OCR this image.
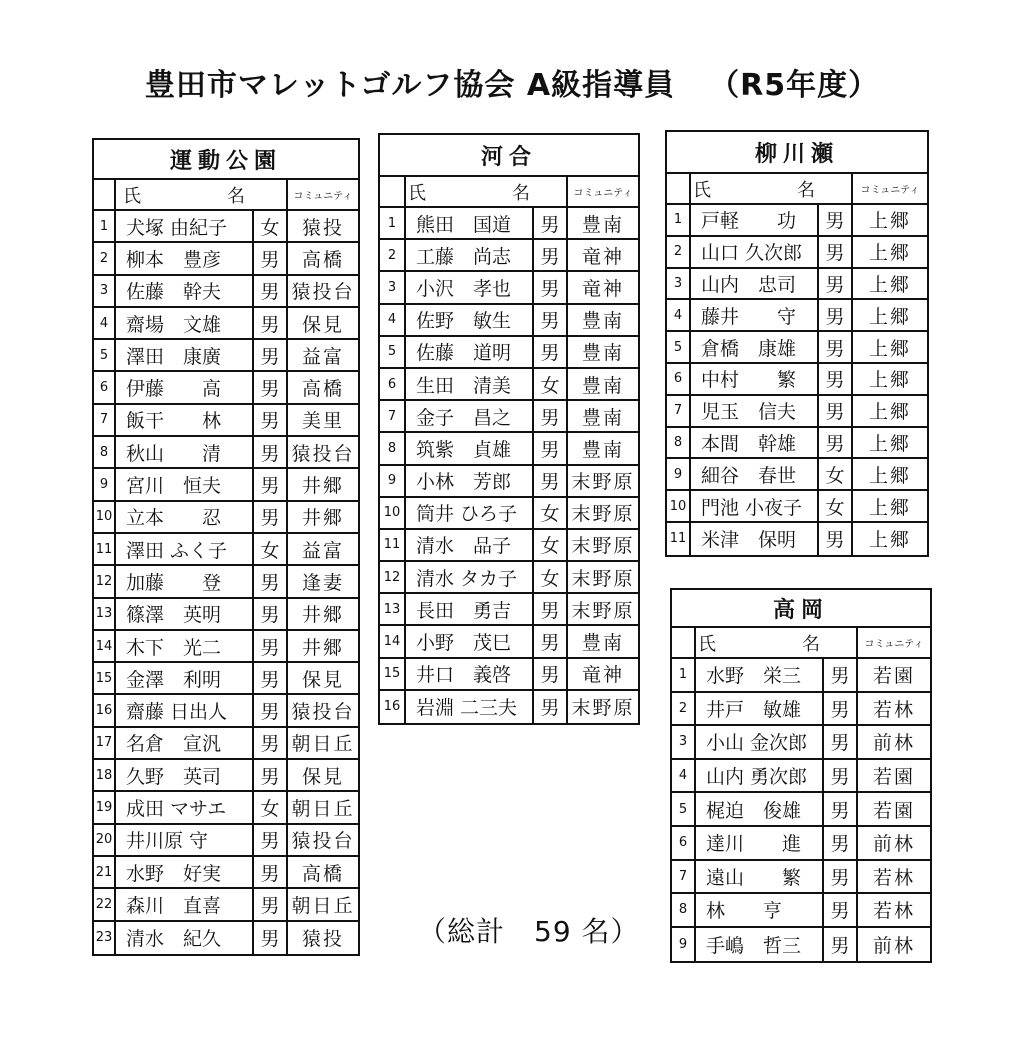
豊田市マレットゴルフ協会 A級指導員 （R5年度）
運動公園
氏　名	コミュニティ
1 犬塚 由紀子	女	猿投
2 柳本　豊彦	男	高橋
3 佐藤　幹夫	男 猿投台
4 齋場　文雄	男	保見
5 澤田　康廣	男	益富
6 伊藤　　高	男	高橋
7 飯干　　林	男	美里
8 秋山　　清	男 猿投台
9 宮川　恒夫	男	井郷
10 立本　　忍	男	井郷
11 澤田 ふく子	女	益富
12 加藤　　登	男	逢妻
13 篠澤　英明	男	井郷
14 木下　光二	男	井郷
15 金澤　利明	男	保見
16 齋藤 日出人	男 猿投台
17 名倉　宣汎	男 朝日丘
18 久野　英司	男	保見
19 成田 マサエ	女 朝日丘
20 井川原 守	男 猿投台
21 水野　好実	男	高橋
22 森川　直喜	男 朝日丘
23 清水　紀久	男	猿投
河合
氏　名 コミュニティ
1	熊田　国道	男	豊南
2	工藤　尚志	男	竜神
3	小沢　孝也	男	竜神
4	佐野　敏生	男	豊南
5	佐藤　道明	男	豊南
6	生田　清美	女	豊南
7	金子　昌之	男	豊南
8	筑紫　貞雄	男	豊南
9	小林　芳郎	男 末野原
10 筒井 ひろ子	女 末野原
11 清水　品子	女 末野原
12 清水 タカ子	女 末野原
13 長田　勇吉	男 末野原
14 小野　茂巳	男	豊南
15 井口　義啓	男	竜神
16 岩淵 二三夫	男 末野原
柳川瀬
氏　名	コミュニティ
1 戸軽　　功	男	上郷
2 山口 久次郎	男	上郷
3 山内　忠司	男	上郷
4 藤井　　守	男	上郷
5 倉橋　康雄	男	上郷
6 中村　　繁	男	上郷
7 児玉　信夫	男	上郷
8 本間　幹雄	男	上郷
9 細谷　春世	女	上郷
10 門池 小夜子	女	上郷
11 米津　保明	男	上郷
高岡
氏　名	コミュニティ
1 水野　栄三	男	若園
2 井戸　敏雄	男	若林
3 小山 金次郎	男	前林
4 山内 勇次郎	男	若園
5 梶迫　俊雄	男	若園
6 達川　　進	男	前林
7 遠山　　繁	男	若林
8 林　　亨	男	若林
9 手嶋　哲三	男	前林
（総計　59 名）
